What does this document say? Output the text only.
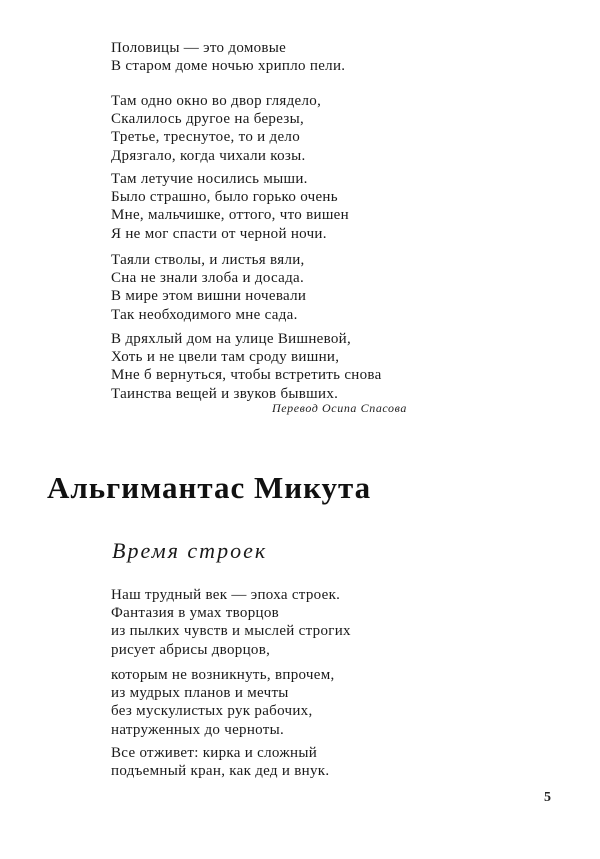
Половицы — это домовые
В старом доме ночью хрипло пели.
Там одно окно во двор глядело,
Скалилось другое на березы,
Третье, треснутое, то и дело
Дрязгало, когда чихали козы.
Там летучие носились мыши.
Было страшно, было горько очень
Мне, мальчишке, оттого, что вишен
Я не мог спасти от черной ночи.
Таяли стволы, и листья вяли,
Сна не знали злоба и досада.
В мире этом вишни ночевали
Так необходимого мне сада.
В дряхлый дом на улице Вишневой,
Хоть и не цвели там сроду вишни,
Мне б вернуться, чтобы встретить снова
Таинства вещей и звуков бывших.
Перевод Осипа Спасова
Альгимантас Микута
Время строек
Наш трудный век — эпоха строек.
Фантазия в умах творцов
из пылких чувств и мыслей строгих
рисует абрисы дворцов,
которым не возникнуть, впрочем,
из мудрых планов и мечты
без мускулистых рук рабочих,
натруженных до черноты.
Все отживет: кирка и сложный
подъемный кран, как дед и внук.
5
